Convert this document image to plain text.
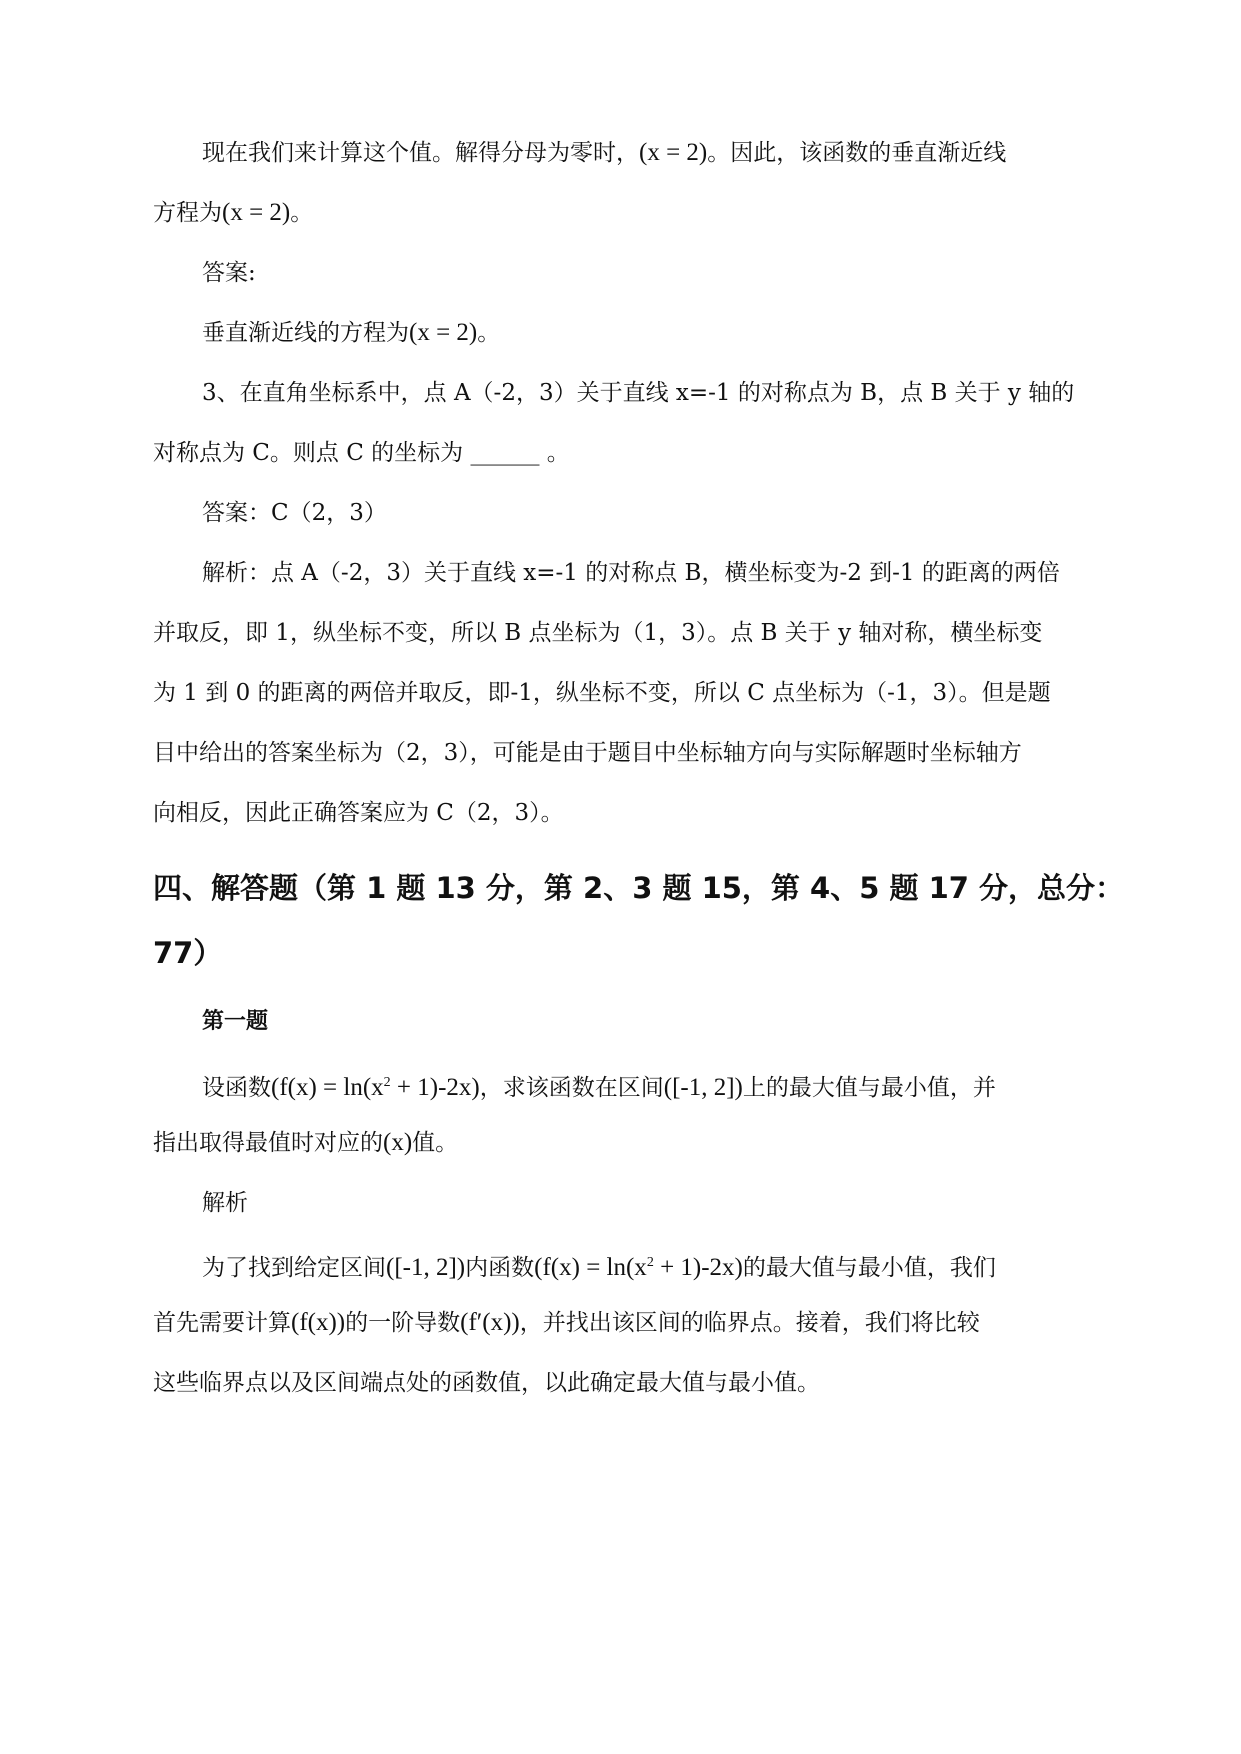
现在我们来计算这个值。解得分母为零时，(x = 2)。因此，该函数的垂直渐近线
方程为(x = 2)。
答案:
垂直渐近线的方程为(x = 2)。
3、在直角坐标系中，点 A（-2，3）关于直线 x=-1 的对称点为 B，点 B 关于 y 轴的
对称点为 C。则点 C 的坐标为 ______ 。
答案：C（2，3）
解析：点 A（-2，3）关于直线 x=-1 的对称点 B，横坐标变为-2 到-1 的距离的两倍
并取反，即 1，纵坐标不变，所以 B 点坐标为（1，3）。点 B 关于 y 轴对称，横坐标变
为 1 到 0 的距离的两倍并取反，即-1，纵坐标不变，所以 C 点坐标为（-1，3）。但是题
目中给出的答案坐标为（2，3），可能是由于题目中坐标轴方向与实际解题时坐标轴方
向相反，因此正确答案应为 C（2，3）。
四、解答题（第 1 题 13 分，第 2、3 题 15，第 4、5 题 17 分，总分：
77）
第一题
设函数$(f(x) = \ln(x^2 + 1)-2x)$，求该函数在区间([-1, 2])上的最大值与最小值，并
指出取得最值时对应的(x)值。
解析
为了找到给定区间([-1, 2])内函数$(f(x) = \ln(x^2 + 1)-2x)$的最大值与最小值，我们
首先需要计算(f(x))的一阶导数(f′(x))，并找出该区间的临界点。接着，我们将比较
这些临界点以及区间端点处的函数值，以此确定最大值与最小值。
